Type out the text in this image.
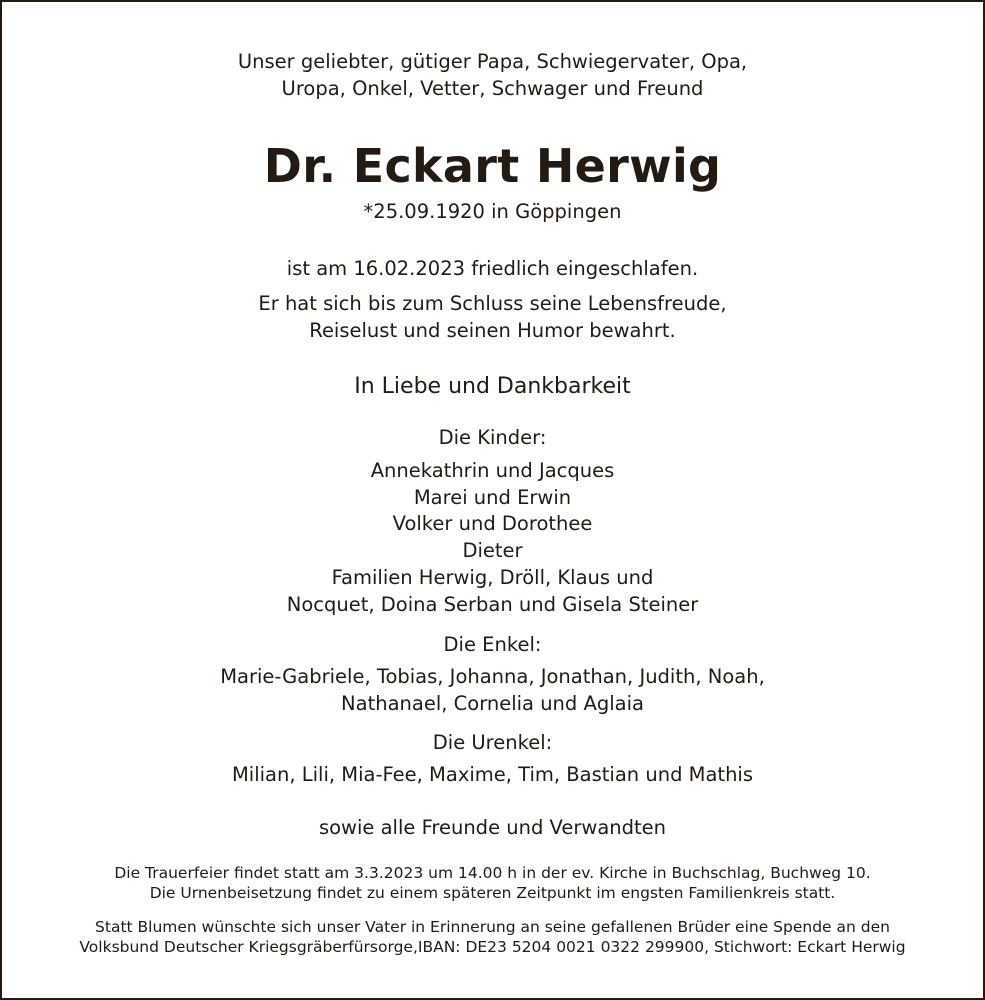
Unser geliebter, gütiger Papa, Schwiegervater, Opa,

Uropa, Onkel, Vetter, Schwager und Freund

Dr. Eckart Herwig

*25.09.1920 in Göppingen

ist am 16.02.2023 friedlich eingeschlafen.

Er hat sich bis zum Schluss seine Lebensfreude,

Reiselust und seinen Humor bewahrt.

In Liebe und Dankbarkeit

Die Kinder:

Annekathrin und Jacques

Marei und Erwin

Volker und Dorothee

Dieter

Familien Herwig, Dröll, Klaus und

Nocquet, Doina Serban und Gisela Steiner

Die Enkel:

Marie-Gabriele, Tobias, Johanna, Jonathan, Judith, Noah,

Nathanael, Cornelia und Aglaia

Die Urenkel:

Milian, Lili, Mia-Fee, Maxime, Tim, Bastian und Mathis

sowie alle Freunde und Verwandten

Die Trauerfeier findet statt am 3.3.2023 um 14.00 h in der ev. Kirche in Buchschlag, Buchweg 10.

Die Urnenbeisetzung findet zu einem späteren Zeitpunkt im engsten Familienkreis statt.

Statt Blumen wünschte sich unser Vater in Erinnerung an seine gefallenen Brüder eine Spende an den

Volksbund Deutscher Kriegsgräberfürsorge,IBAN: DE23 5204 0021 0322 299900, Stichwort: Eckart Herwig
